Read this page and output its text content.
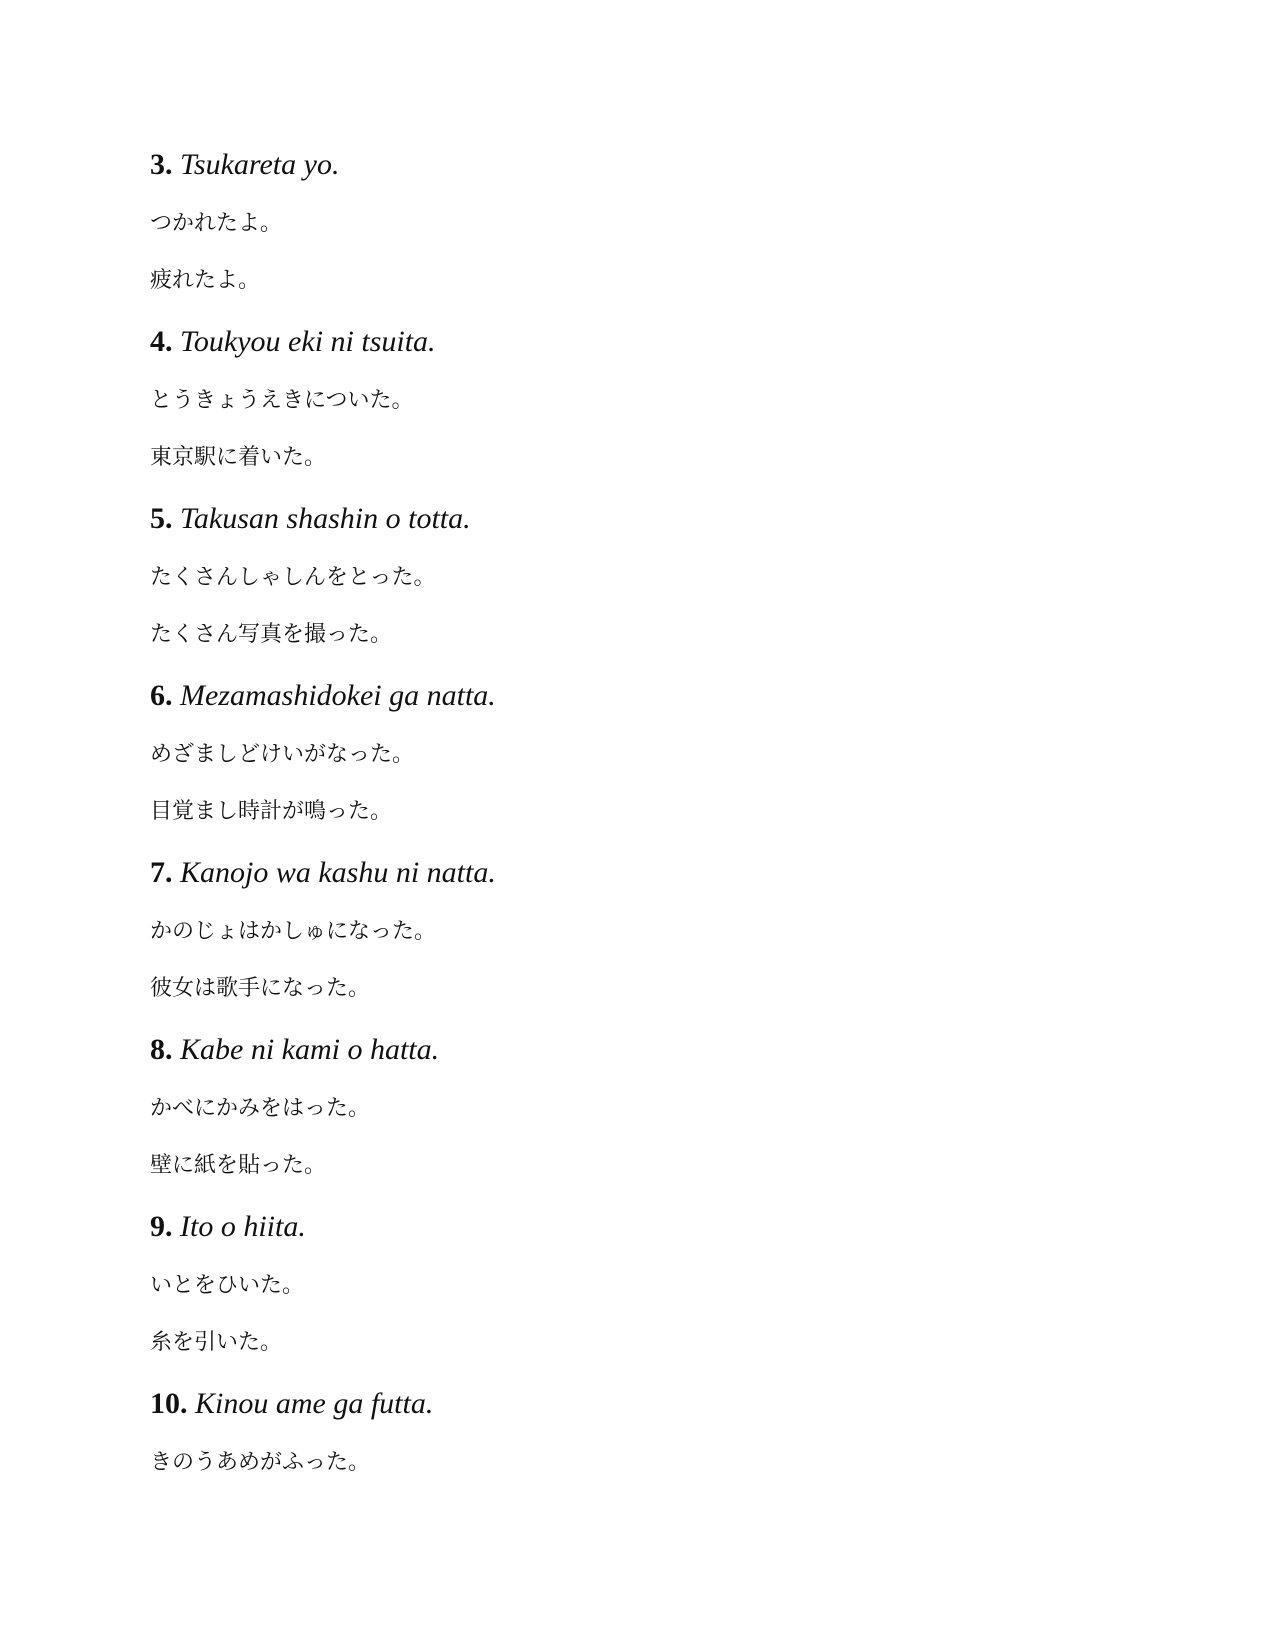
3. Tsukareta yo.
つかれたよ。
疲れたよ。
4. Toukyou eki ni tsuita.
とうきょうえきについた。
東京駅に着いた。
5. Takusan shashin o totta.
たくさんしゃしんをとった。
たくさん写真を撮った。
6. Mezamashidokei ga natta.
めざましどけいがなった。
目覚まし時計が鳴った。
7. Kanojo wa kashu ni natta.
かのじょはかしゅになった。
彼女は歌手になった。
8. Kabe ni kami o hatta.
かべにかみをはった。
壁に紙を貼った。
9. Ito o hiita.
いとをひいた。
糸を引いた。
10. Kinou ame ga futta.
きのうあめがふった。
